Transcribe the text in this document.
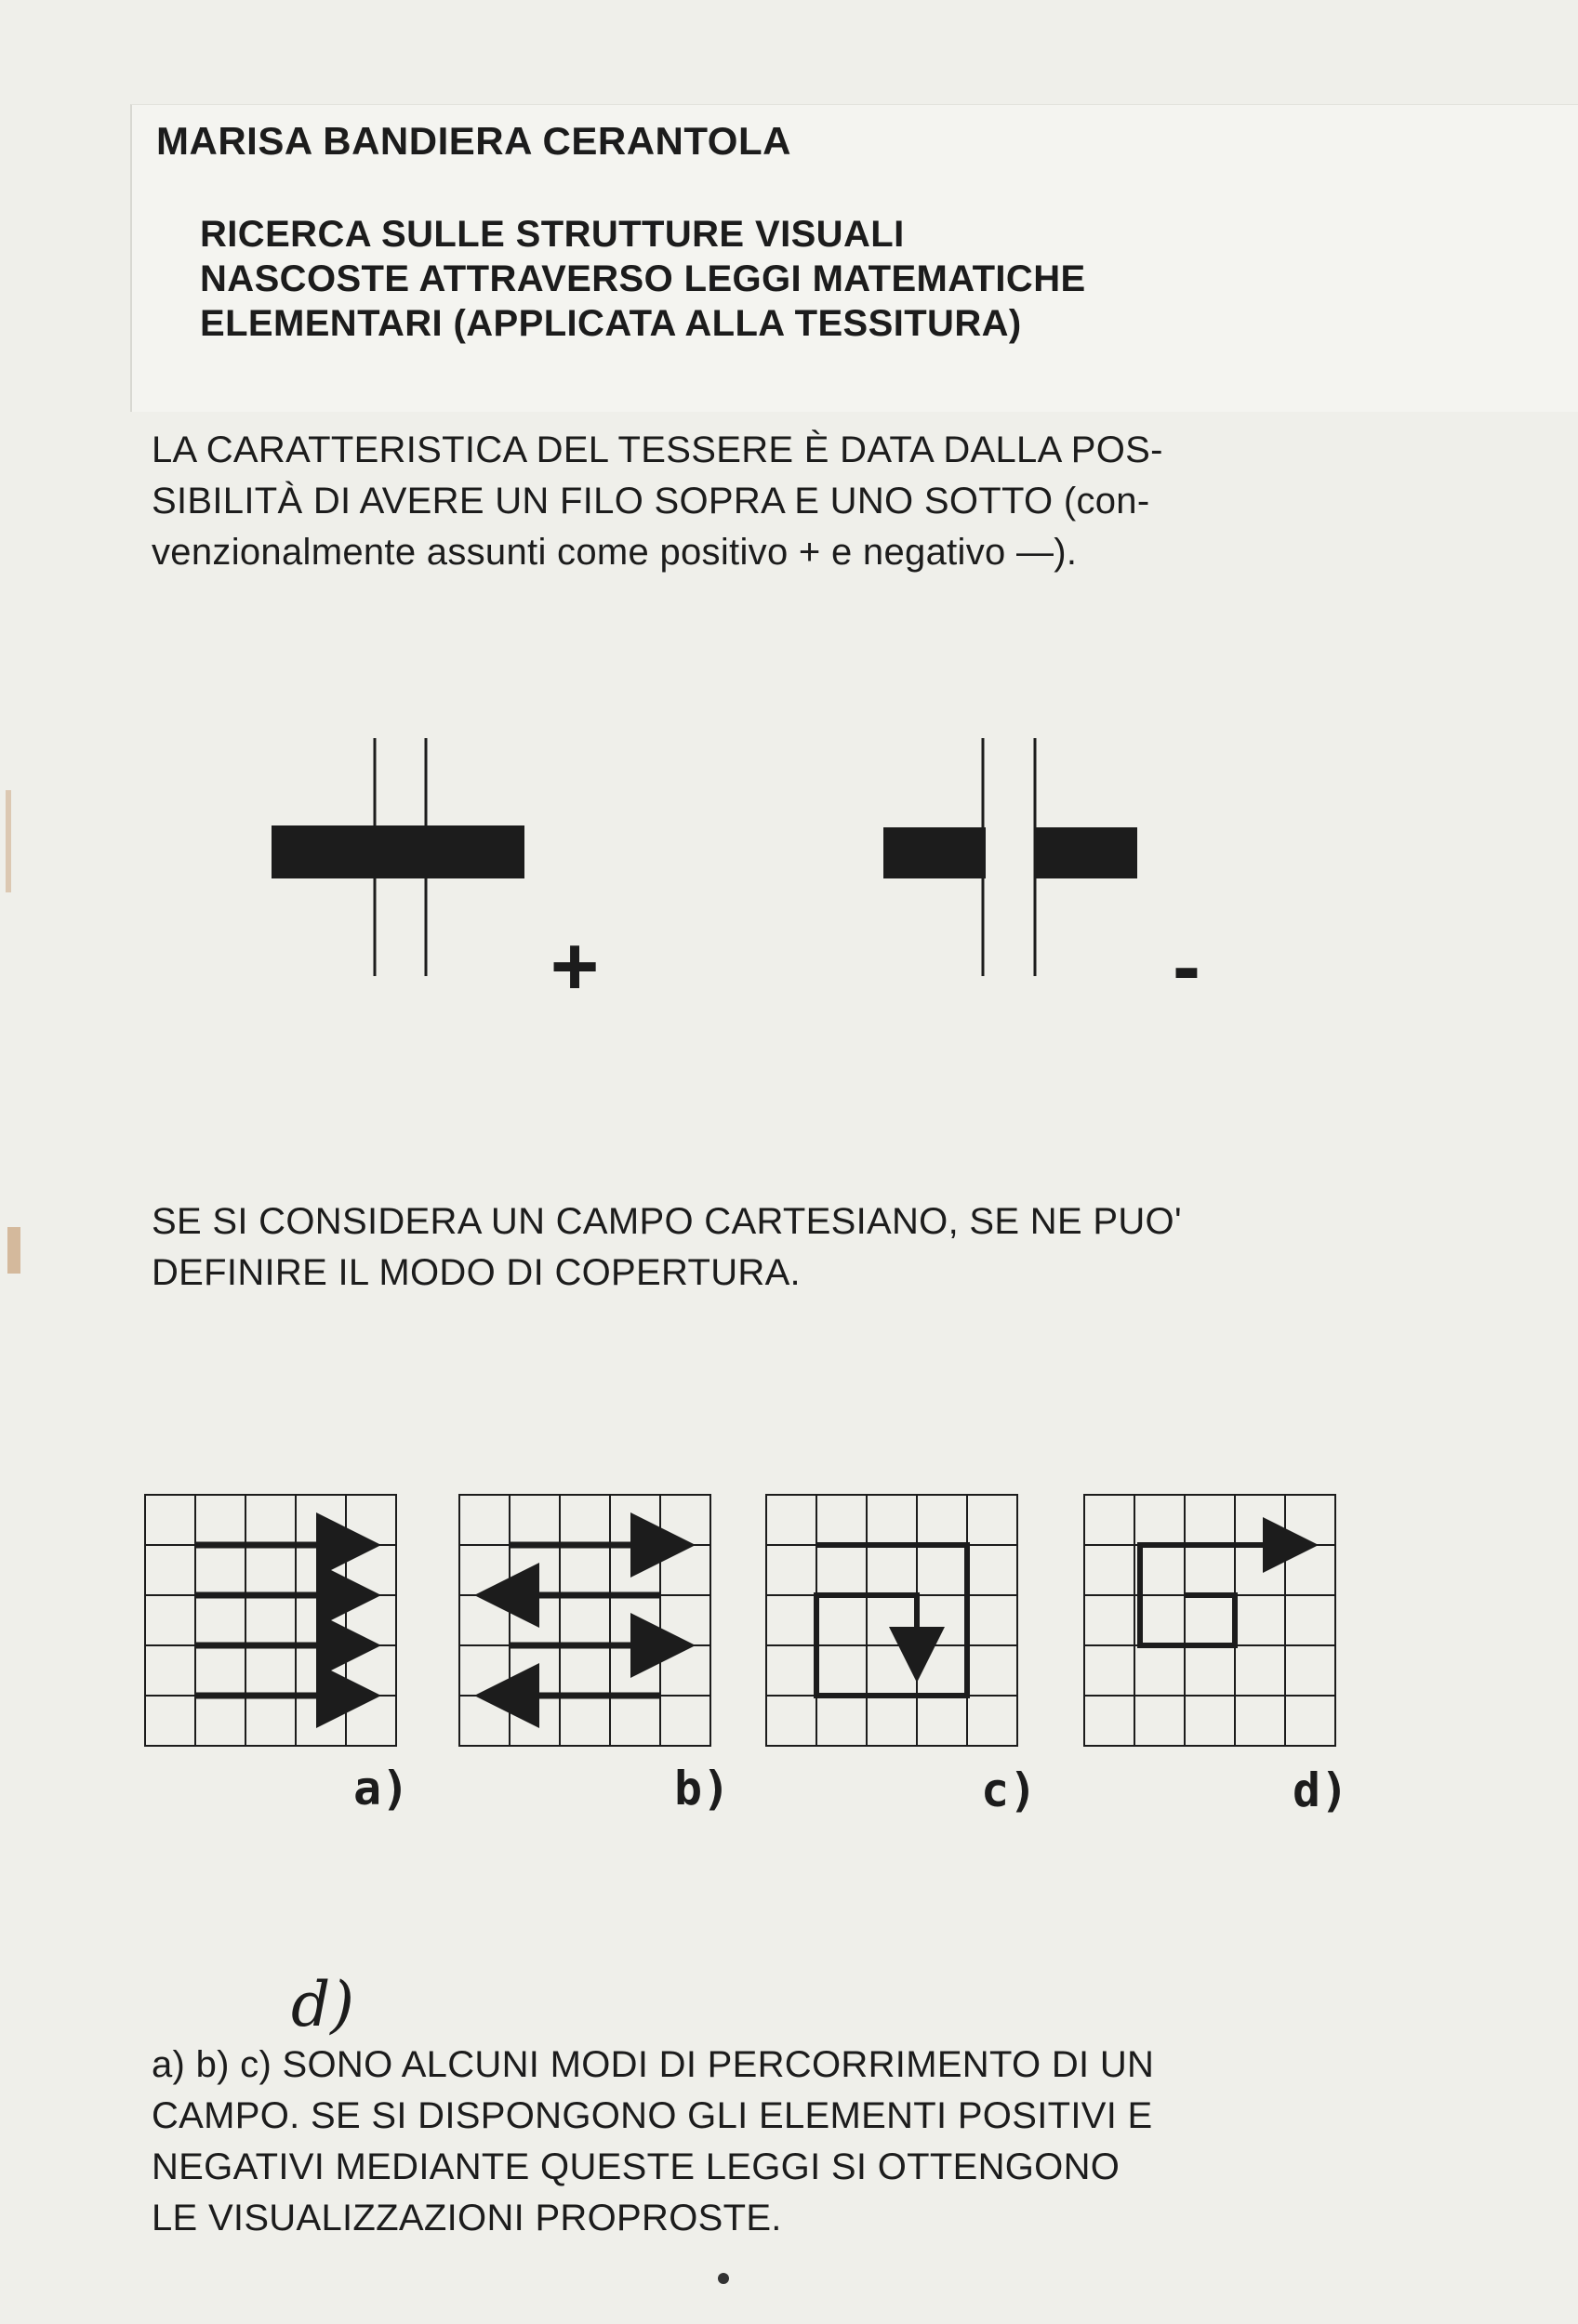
MARISA BANDIERA CERANTOLA
RICERCA SULLE STRUTTURE VISUALI
NASCOSTE ATTRAVERSO LEGGI MATEMATICHE
ELEMENTARI (APPLICATA ALLA TESSITURA)
LA CARATTERISTICA DEL TESSERE È DATA DALLA POS-
SIBILITÀ DI AVERE UN FILO SOPRA E UNO SOTTO (con-
venzionalmente assunti come positivo + e negativo —).
+	-
SE SI CONSIDERA UN CAMPO CARTESIANO, SE NE PUO'
DEFINIRE IL MODO DI COPERTURA.
a)	b)	c)	d)
d)
a) b) c) SONO ALCUNI MODI DI PERCORRIMENTO DI UN
CAMPO. SE SI DISPONGONO GLI ELEMENTI POSITIVI E
NEGATIVI MEDIANTE QUESTE LEGGI SI OTTENGONO
LE VISUALIZZAZIONI PROPROSTE.
